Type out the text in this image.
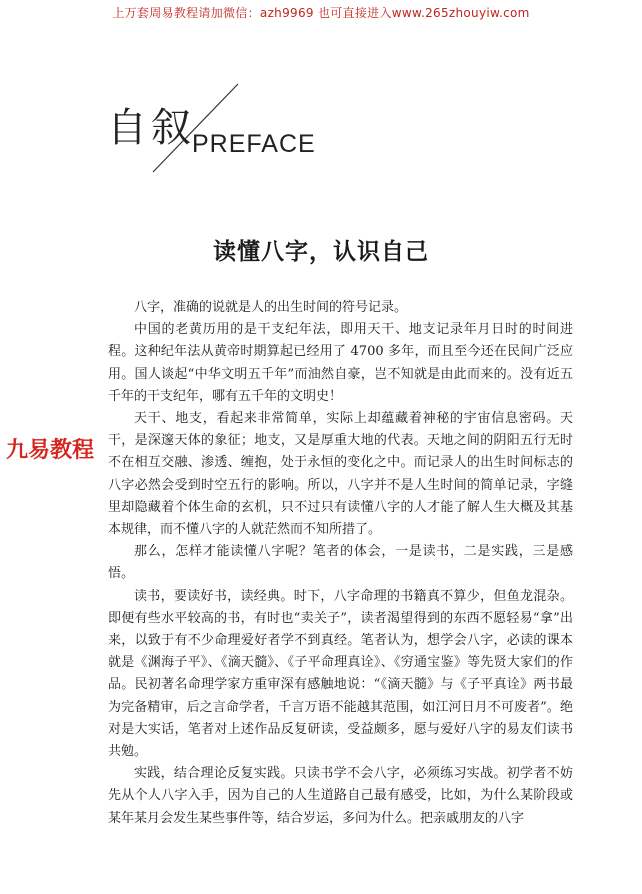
上万套周易教程请加微信：azh9969 也可直接进入www.265zhouyiw.com
自叙
PREFACE
读懂八字，认识自己

八字，准确的说就是人的出生时间的符号记录。

中国的老黄历用的是干支纪年法，即用天干、地支记录年月日时的时间进程。这种纪年法从黄帝时期算起已经用了 4700 多年，而且至今还在民间广泛应用。国人谈起“中华文明五千年”而油然自豪，岂不知就是由此而来的。没有近五千年的干支纪年，哪有五千年的文明史！

天干、地支，看起来非常简单，实际上却蕴藏着神秘的宇宙信息密码。天干，是深邃天体的象征；地支，又是厚重大地的代表。天地之间的阴阳五行无时不在相互交融、渗透、缠抱，处于永恒的变化之中。而记录人的出生时间标志的八字必然会受到时空五行的影响。所以，八字并不是人生时间的简单记录，字缝里却隐藏着个体生命的玄机，只不过只有读懂八字的人才能了解人生大概及其基本规律，而不懂八字的人就茫然而不知所措了。

那么，怎样才能读懂八字呢？笔者的体会，一是读书，二是实践，三是感悟。

读书，要读好书，读经典。时下，八字命理的书籍真不算少，但鱼龙混杂。即便有些水平较高的书，有时也“卖关子”，读者渴望得到的东西不愿轻易“拿”出来，以致于有不少命理爱好者学不到真经。笔者认为，想学会八字，必读的课本就是《渊海子平》、《滴天髓》、《子平命理真诠》、《穷通宝鉴》等先贤大家们的作品。民初著名命理学家方重审深有感触地说：“《滴天髓》与《子平真诠》两书最为完备精审，后之言命学者，千言万语不能越其范围，如江河日月不可废者”。绝对是大实话，笔者对上述作品反复研读，受益颇多，愿与爱好八字的易友们读书共勉。

实践，结合理论反复实践。只读书学不会八字，必须练习实战。初学者不妨先从个人八字入手，因为自己的人生道路自己最有感受，比如，为什么某阶段或某年某月会发生某些事件等，结合岁运，多问为什么。把亲戚朋友的八字

九易教程
